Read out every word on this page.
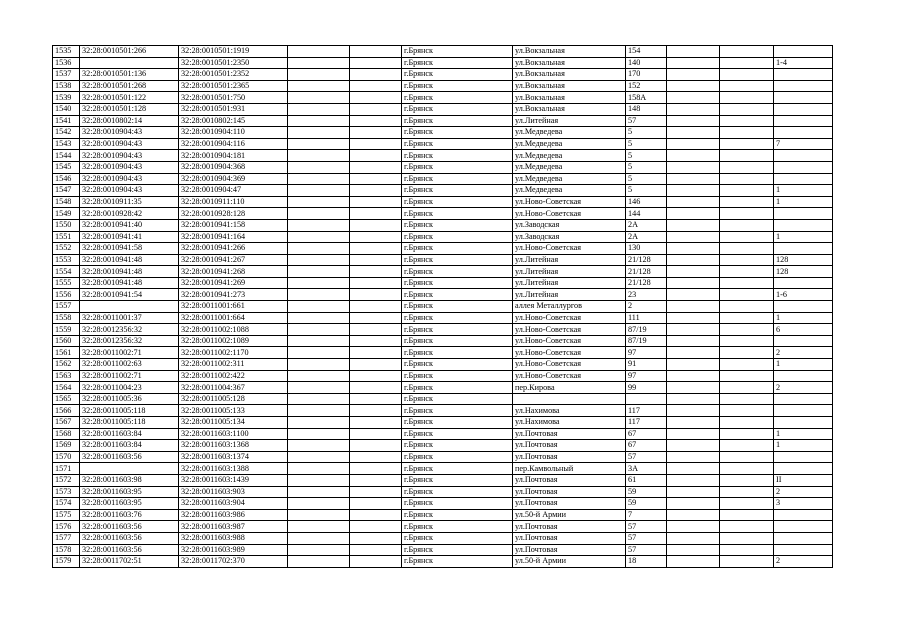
1535	32:28:0010501:266	32:28:0010501:1919			г.Брянск	ул.Вокзальная	154			
1536		32:28:0010501:2350			г.Брянск	ул.Вокзальная	140			1-4
1537	32:28:0010501:136	32:28:0010501:2352			г.Брянск	ул.Вокзальная	170			
1538	32:28:0010501:268	32:28:0010501:2365			г.Брянск	ул.Вокзальная	152			
1539	32:28:0010501:122	32:28:0010501:750			г.Брянск	ул.Вокзальная	158А			
1540	32:28:0010501:128	32:28:0010501:931			г.Брянск	ул.Вокзальная	148			
1541	32:28:0010802:14	32:28:0010802:145			г.Брянск	ул.Литейная	57			
1542	32:28:0010904:43	32:28:0010904:110			г.Брянск	ул.Медведева	5			
1543	32:28:0010904:43	32:28:0010904:116			г.Брянск	ул.Медведева	5			7
1544	32:28:0010904:43	32:28:0010904:181			г.Брянск	ул.Медведева	5			
1545	32:28:0010904:43	32:28:0010904:368			г.Брянск	ул.Медведева	5			
1546	32:28:0010904:43	32:28:0010904:369			г.Брянск	ул.Медведева	5			
1547	32:28:0010904:43	32:28:0010904:47			г.Брянск	ул.Медведева	5			1
1548	32:28:0010911:35	32:28:0010911:110			г.Брянск	ул.Ново-Советская	146			1
1549	32:28:0010928:42	32:28:0010928:128			г.Брянск	ул.Ново-Советская	144			
1550	32:28:0010941:40	32:28:0010941:158			г.Брянск	ул.Заводская	2А			
1551	32:28:0010941:41	32:28:0010941:164			г.Брянск	ул.Заводская	2А			1
1552	32:28:0010941:58	32:28:0010941:266			г.Брянск	ул.Ново-Советская	130			
1553	32:28:0010941:48	32:28:0010941:267			г.Брянск	ул.Литейная	21/128			128
1554	32:28:0010941:48	32:28:0010941:268			г.Брянск	ул.Литейная	21/128			128
1555	32:28:0010941:48	32:28:0010941:269			г.Брянск	ул.Литейная	21/128			
1556	32:28:0010941:54	32:28:0010941:273			г.Брянск	ул.Литейная	23			1-6
1557		32:28:0011001:661			г.Брянск	аллея Металлургов	2			
1558	32:28:0011001:37	32:28:0011001:664			г.Брянск	ул.Ново-Советская	111			1
1559	32:28:0012356:32	32:28:0011002:1088			г.Брянск	ул.Ново-Советская	87/19			6
1560	32:28:0012356:32	32:28:0011002:1089			г.Брянск	ул.Ново-Советская	87/19			
1561	32:28:0011002:71	32:28:0011002:1170			г.Брянск	ул.Ново-Советская	97			2
1562	32:28:0011002:63	32:28:0011002:311			г.Брянск	ул.Ново-Советская	91			1
1563	32:28:0011002:71	32:28:0011002:422			г.Брянск	ул.Ново-Советская	97			
1564	32:28:0011004:23	32:28:0011004:367			г.Брянск	пер.Кирова	99			2
1565	32:28:0011005:36	32:28:0011005:128			г.Брянск					
1566	32:28:0011005:118	32:28:0011005:133			г.Брянск	ул.Нахимова	117			
1567	32:28:0011005:118	32:28:0011005:134			г.Брянск	ул.Нахимова	117			
1568	32:28:0011603:84	32:28:0011603:1100			г.Брянск	ул.Почтовая	67			1
1569	32:28:0011603:84	32:28:0011603:1368			г.Брянск	ул.Почтовая	67			1
1570	32:28:0011603:56	32:28:0011603:1374			г.Брянск	ул.Почтовая	57			
1571		32:28:0011603:1388			г.Брянск	пер.Камвольный	3А			
1572	32:28:0011603:98	32:28:0011603:1439			г.Брянск	ул.Почтовая	61			II
1573	32:28:0011603:95	32:28:0011603:903			г.Брянск	ул.Почтовая	59			2
1574	32:28:0011603:95	32:28:0011603:904			г.Брянск	ул.Почтовая	59			3
1575	32:28:0011603:76	32:28:0011603:986			г.Брянск	ул.50-й Армии	7			
1576	32:28:0011603:56	32:28:0011603:987			г.Брянск	ул.Почтовая	57			
1577	32:28:0011603:56	32:28:0011603:988			г.Брянск	ул.Почтовая	57			
1578	32:28:0011603:56	32:28:0011603:989			г.Брянск	ул.Почтовая	57			
1579	32:28:0011702:51	32:28:0011702:370			г.Брянск	ул.50-й Армии	18			2
